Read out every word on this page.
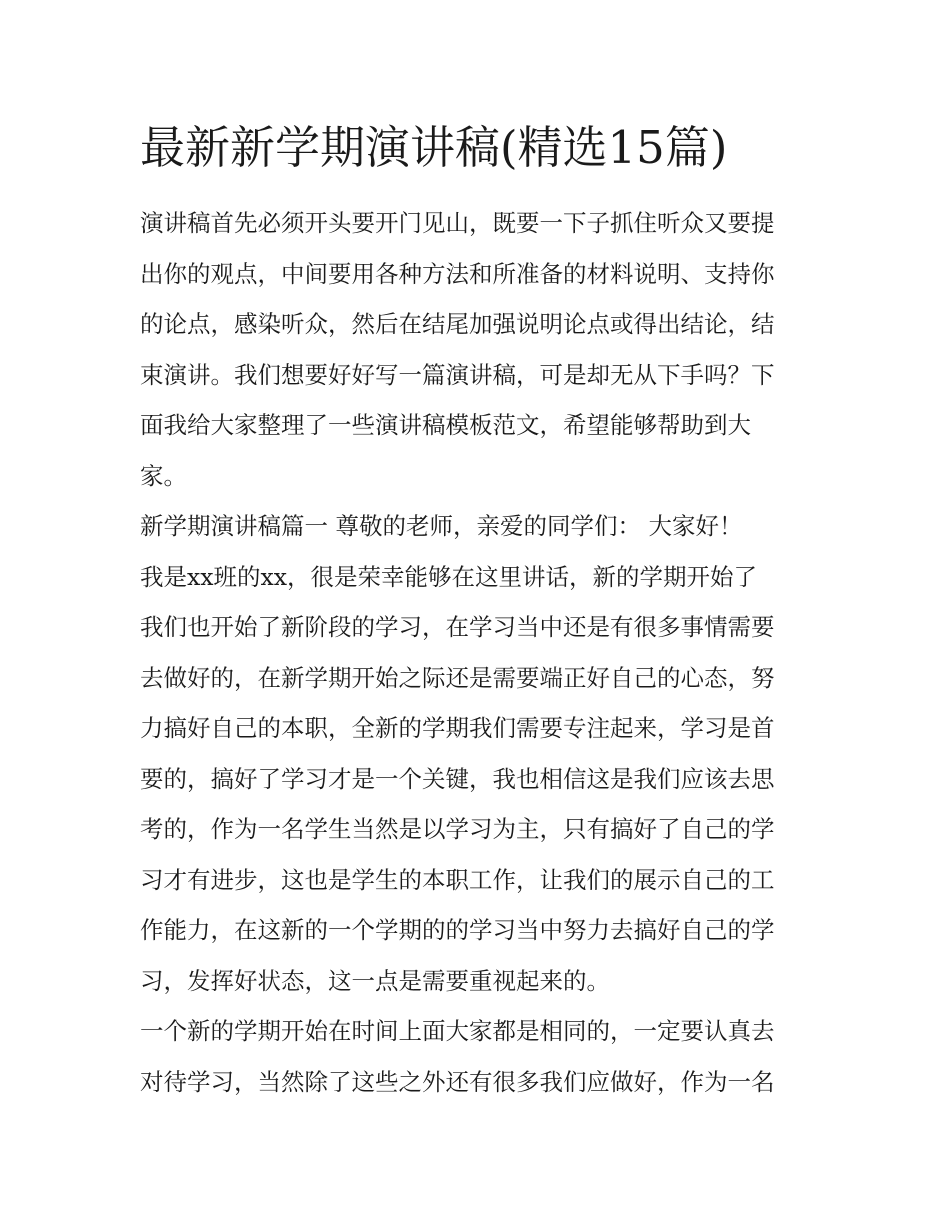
最新新学期演讲稿(精选15篇)
演讲稿首先必须开头要开门见山，既要一下子抓住听众又要提
出你的观点，中间要用各种方法和所准备的材料说明、支持你
的论点，感染听众，然后在结尾加强说明论点或得出结论，结
束演讲。我们想要好好写一篇演讲稿，可是却无从下手吗？下
面我给大家整理了一些演讲稿模板范文，希望能够帮助到大
家。
新学期演讲稿篇一 尊敬的老师，亲爱的同学们： 大家好！
我是xx班的xx，很是荣幸能够在这里讲话，新的学期开始了
我们也开始了新阶段的学习，在学习当中还是有很多事情需要
去做好的，在新学期开始之际还是需要端正好自己的心态，努
力搞好自己的本职，全新的学期我们需要专注起来，学习是首
要的，搞好了学习才是一个关键，我也相信这是我们应该去思
考的，作为一名学生当然是以学习为主，只有搞好了自己的学
习才有进步，这也是学生的本职工作，让我们的展示自己的工
作能力，在这新的一个学期的的学习当中努力去搞好自己的学
习，发挥好状态，这一点是需要重视起来的。
一个新的学期开始在时间上面大家都是相同的，一定要认真去
对待学习，当然除了这些之外还有很多我们应做好，作为一名
